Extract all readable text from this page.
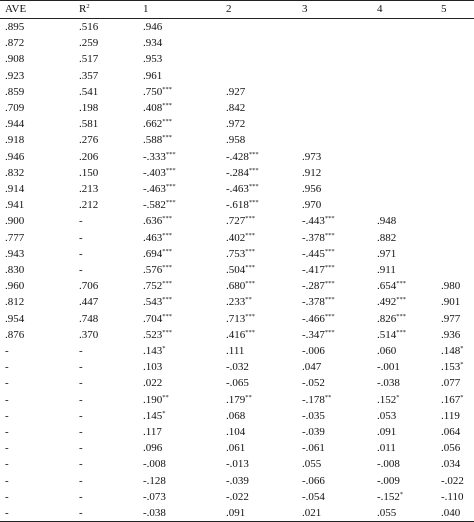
AVE	$R^2$	1	2	3	4	5
.895	.516	.946				
.872	.259	.934				
.908	.517	.953				
.923	.357	.961				
.859	.541	.750***	.927			
.709	.198	.408***	.842			
.944	.581	.662***	.972			
.918	.276	.588***	.958			
.946	.206	-.333***	-.428***	.973		
.832	.150	-.403***	-.284***	.912		
.914	.213	-.463***	-.463***	.956		
.941	.212	-.582***	-.618***	.970		
.900	-	.636***	.727***	-.443***	.948	
.777	-	.463***	.402***	-.378***	.882	
.943	-	.694***	.753***	-.445***	.971	
.830	-	.576***	.504***	-.417***	.911	
.960	.706	.752***	.680***	-.287***	.654***	.980
.812	.447	.543***	.233**	-.378***	.492***	.901
.954	.748	.704***	.713***	-.466***	.826***	.977
.876	.370	.523***	.416***	-.347***	.514***	.936
-	-	.143*	.111	-.006	.060	.148*
-	-	.103	-.032	.047	-.001	.153*
-	-	.022	-.065	-.052	-.038	.077
-	-	.190**	.179**	-.178**	.152*	.167*
-	-	.145*	.068	-.035	.053	.119
-	-	.117	.104	-.039	.091	.064
-	-	.096	.061	-.061	.011	.056
-	-	-.008	-.013	.055	-.008	.034
-	-	-.128	-.039	-.066	-.009	-.022
-	-	-.073	-.022	-.054	-.152*	-.110
-	-	-.038	.091	.021	.055	.040
